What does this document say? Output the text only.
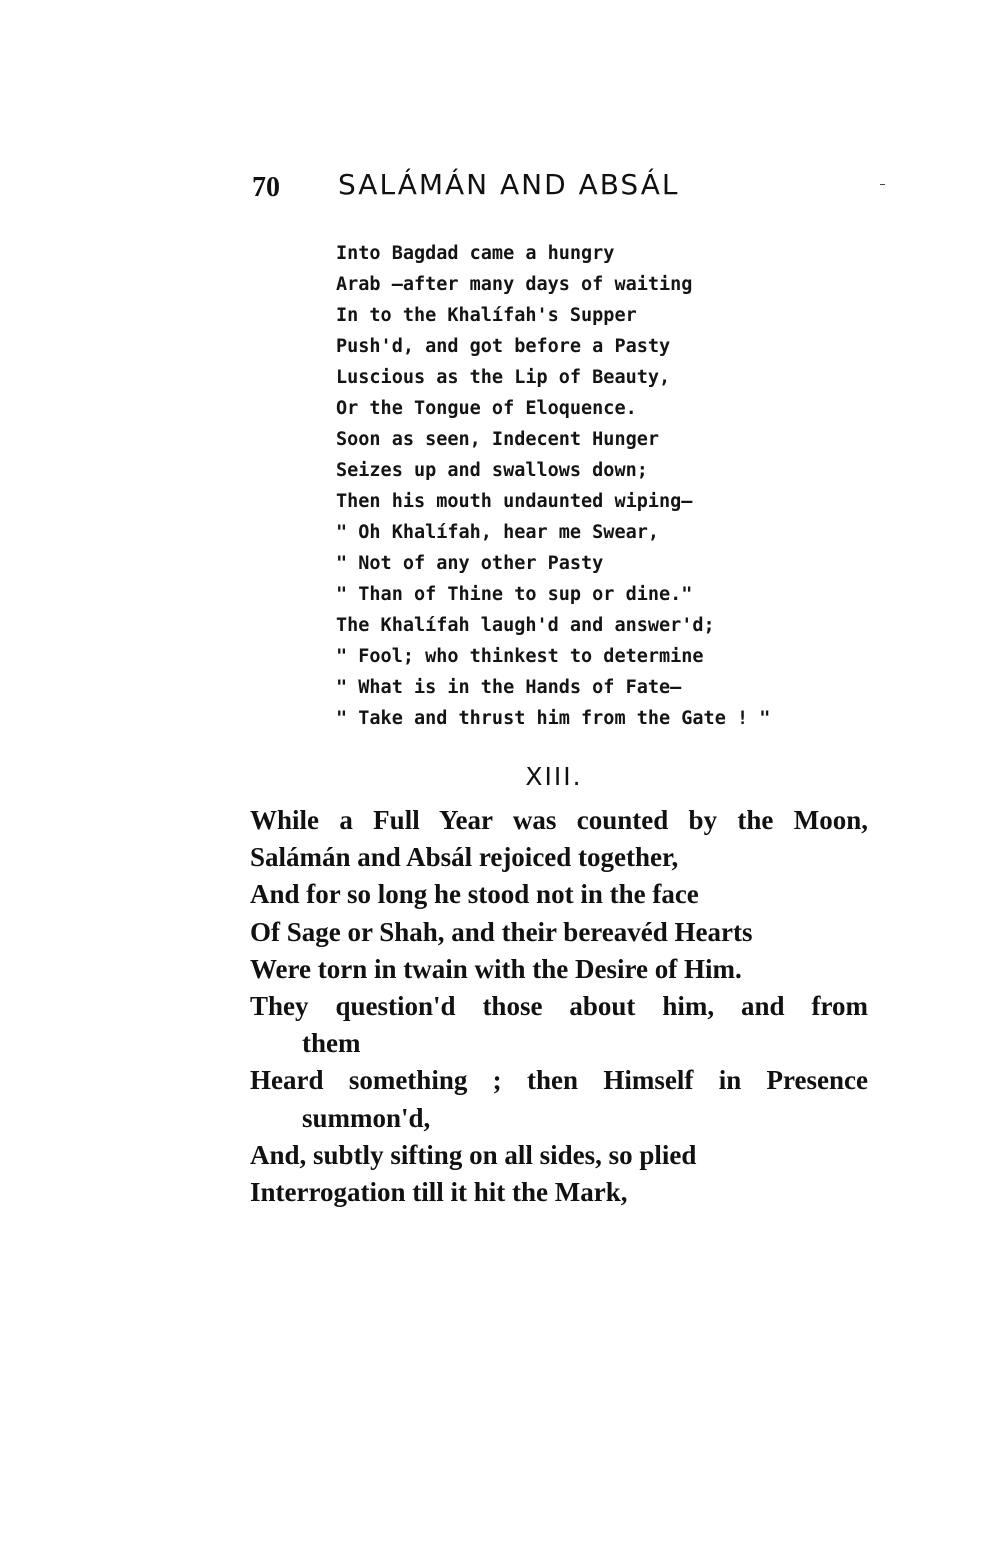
70 SALÁMÁN AND ABSÁL
Into Bagdad came a hungry
Arab —after many days of waiting
In to the Khalífah's Supper
Push'd, and got before a Pasty
Luscious as the Lip of Beauty,
Or the Tongue of Eloquence.
Soon as seen, Indecent Hunger
Seizes up and swallows down;
Then his mouth undaunted wiping—
" Oh Khalífah, hear me Swear,
" Not of any other Pasty
" Than of Thine to sup or dine."
The Khalífah laugh'd and answer'd;
" Fool; who thinkest to determine
" What is in the Hands of Fate—
" Take and thrust him from the Gate ! "
XIII.
While a Full Year was counted by the Moon,
Salámán and Absál rejoiced together,
And for so long he stood not in the face
Of Sage or Shah, and their bereavéd Hearts
Were torn in twain with the Desire of Him.
They question'd those about him, and from
them
Heard something ; then Himself in Presence
summon'd,
And, subtly sifting on all sides, so plied
Interrogation till it hit the Mark,
